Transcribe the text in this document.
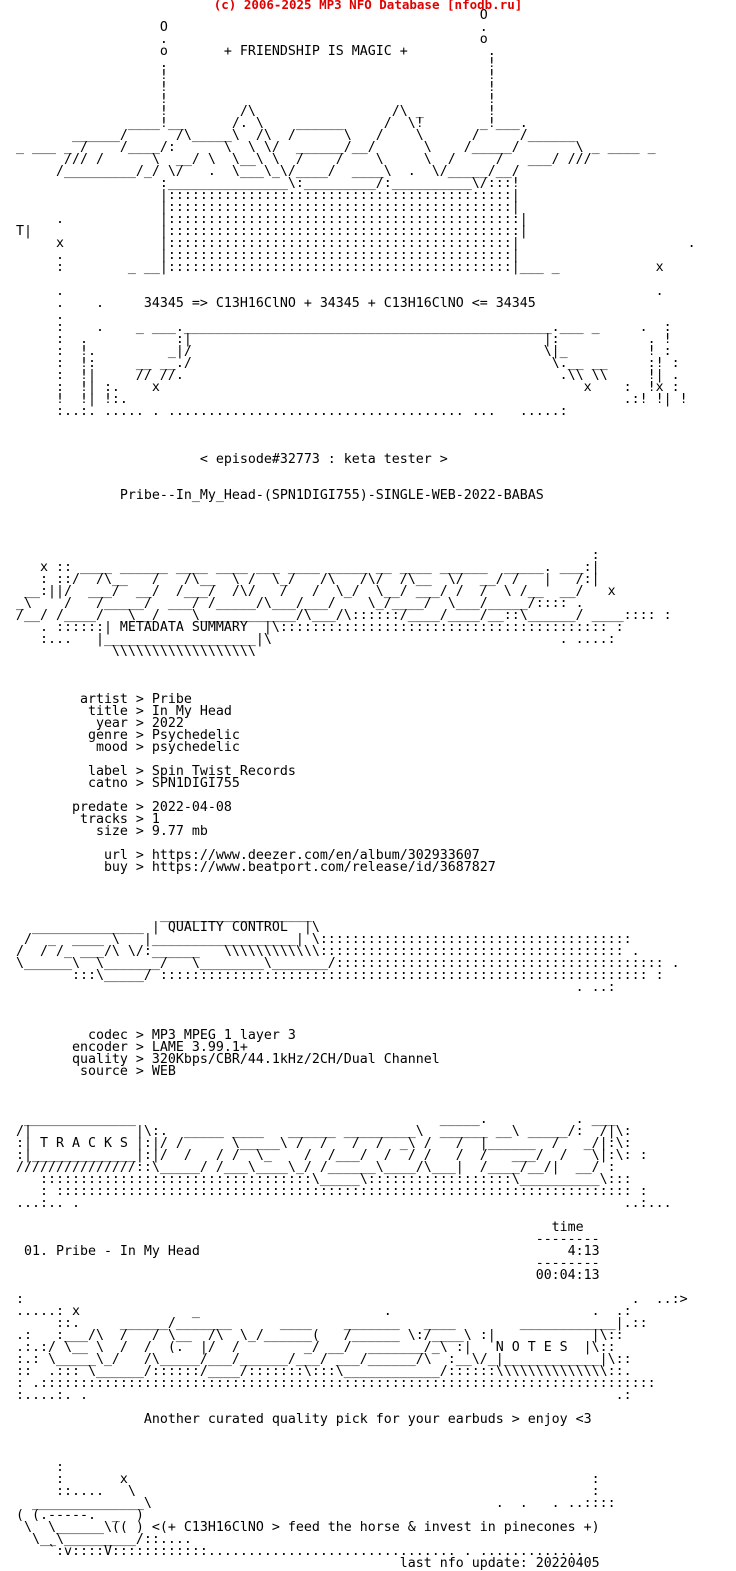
(c) 2006-2025 MP3 NFO Database [nfodb.ru]
O
O                                       .
.                                       o
o       + FRIENDSHIP IS MAGIC +          .
.                                        !
!                                        !
!                                        !
!                                        !
!         /\                 /\ _        !
____!__      /. \    ______     /  \!       _!___.
______/      /\_____\  /\  /      \   /    \      /     /______
_ ___ _ /    /____/:      \  \ \/  ______/__/      \    /_____/       \ _ ____ _
/// /      \  __/ \  \__\ \  /    /    \     \  /     /   ___/ ///
/_________/_/ \/   .  \___\_\/____/  ____\  .  \/_____/__/
:_______________\:_________/:__________\/:::!
|:::::::::::::::::::::::::::::::::::::::::::|
|:::::::::::::::::::::::::::::::::::::::::::|
.            |::::::::::::::::::::::::::::::::::::::::::::|
T|                |::::::::::::::::::::::::::::::::::::::::::::|
x            |:::::::::::::::::::::::::::::::::::::::::::|                     .
.            |:::::::::::::::::::::::::::::::::::::::::::|
:        _ __|:::::::::::::::::::::::::::::::::::::::::::|___ _            x

.                                                                          .
.    .     34345 => C13H16ClNO + 34345 + C13H16ClNO <= 34345
.
:    .    _ ___.______________________________________________.___ _     .  :
:  .           :|                                            |:           . !
:  !.         _|/                                            \|_          ! :
:  !:     __ __./                                             \.__ __     :! :
:  !|     // //.                                               .\\ \\     !| .
:  !| :.    x                                                     x    :  !x :
!  !| !:.                                                              .:! !| !
:..:. ..... . ..................................... ...   .....:

< episode#32773 : keta tester >

Pribe--In_My_Head-(SPN1DIGI755)-SINGLE-WEB-2022-BABAS

:
x :: ____ ______ ____ ____ ___ ____ _____ __ ____ ______  _____. ___:|
: ::/  /\__   /   /\__  \ /  \_/   /\   /\/  /\__  \/  __/ /   |   /:|
__:||/  ___/  __/  /___/  /\/   /   /  \_/  \__/ ___/ /  /  \ /__  __/   x
_\    /   /_____/  ___/ /_____/\___/___/    \_/____/  \___/_____/:::: .
/__/ /____/   \__/    \____________/\___/\::::::/____/____/__::\______/ ____:::: :
. ::::::| METADATA SUMMARY  |\::::::::::::::::::::::::::::::::::::::::: :
:...   |___________________|\                                    . ....:
\\\\\\\\\\\\\\\\\\

artist > Pribe
title > In My Head
year > 2022
genre > Psychedelic
mood > psychedelic

label > Spin Twist Records
catno > SPN1DIGI755

predate > 2022-04-08
tracks > 1
size > 9.77 mb

url > https://www.deezer.com/en/album/302933607
buy > https://www.beatport.com/release/id/3687827

___________________
______________ | QUALITY CONTROL  |\
/  _  ____ \   |__________________| \:::::::::::::::::::::::::::::::::::::::
/  / /_ ___/\ \/:______   \\\\\\\\\\\\:::::::::::::::::::::::::::::::::::::: .
\______\  \_______/   \________\_______/::::::::::::::::::::::::::::::::::::::::: .
:::\_____/ ::::::::::::::::::::::::::::::::::::::::::::::::::::::::::::: :
. ..:

codec > MP3 MPEG 1 layer 3
encoder > LAME 3.99.1+
quality > 320Kbps/CBR/44.1kHz/2CH/Dual Channel
source > WEB

______________                                      _____.           . ___
/|             |\:.  _____ ____   ______ _________\  ______ __\ _____/:  /|\:
:| T R A C K S |:|/ /      \_____\ /  /   /  /  _\ /   /  |______  /   _/|:\:
:|_____________|:|/  /   / /  \_    /  /___/  /  / /   /  /   ___/  /   \|:\: :
///////////////::\_____/ /___\____\_/ /______\____/\___|  /____/__/|  __/ :
::::::::::::::::::::::::::::::::::\_____\::::::::::::::::::\__________\:::
: :::::::::::::::::::::::::::::::::::::::::::::::::::::::::::::::::::::::: :
...:.. .                                                                    ..:...

time
--------
01. Pribe - In My Head                                              4:13
--------
00:04:13

:                                                                            .  ..:>
.....: x              _                       .                         .  .:
::.     ______/_______      ____    _______   ____        ____________|.::
.:   :___/\  /   / \__  /\  \_/______(   /______ \:/____\ :|            |\::
.:.:/ \__ \  /  /  (.  |/  /        _/ __/  _______/_\ :|   N O T E S  |\::
:.: \_____\_/   /\_____/___/______/___/ ___/______/\  :__\/_|____________|\::
::  .::: \______/::::::/____/:::::::\:::\____________/::::::\\\\\\\\\\\\\\::.
: .:::::::::::::::::::::::::::::::::::::::::::::::::::::::::::::::::::::::::::::
:....:. .                                                                  .:

Another curated quality pick for your earbuds > enjoy <3

:
:       x                                                          :
::....   \                                                         :
______________\                                           .  .   . ..::::
( (.-----.  _  )
\  \______\(( ) <(+ C13H16ClNO > feed the horse & invest in pinecones +)
\__\_________/::....
`:v::::V::::::::::::............................... . .............
last nfo update: 20220405
